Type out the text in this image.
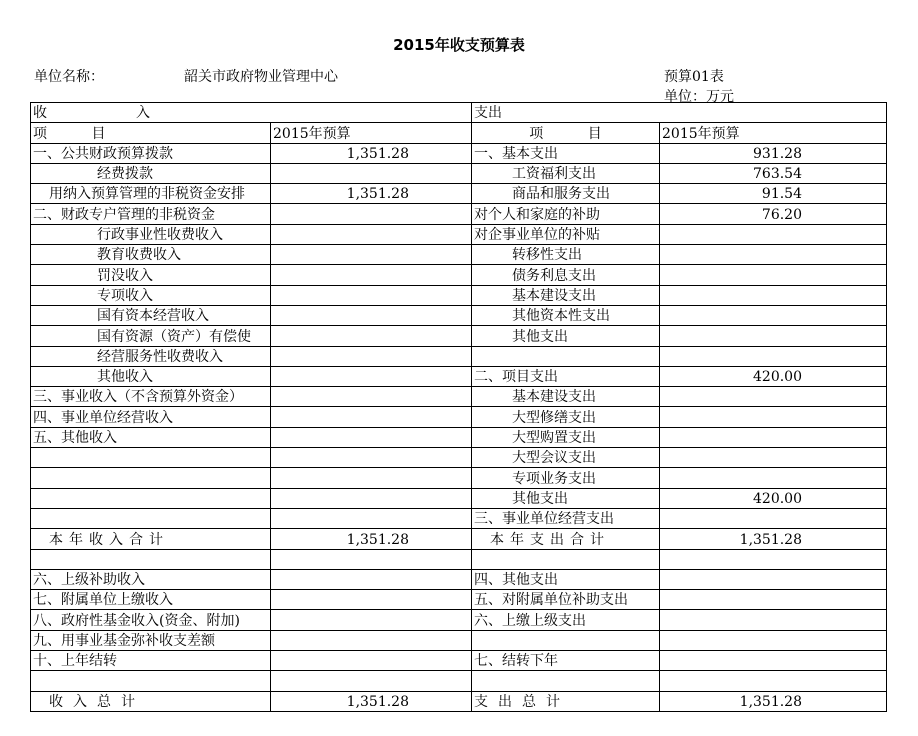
2015年收支预算表
单位名称：	韶关市政府物业管理中心	预算01表
单位：万元
收                    入		支出	
项          目	2015年预算	项          目	2015年预算
一、公共财政预算拨款	1,351.28	一、基本支出	931.28
经费拨款		工资福利支出	763.54
用纳入预算管理的非税资金安排	1,351.28	商品和服务支出	91.54
二、财政专户管理的非税资金		对个人和家庭的补助	76.20
行政事业性收费收入		对企事业单位的补贴	
教育收费收入		转移性支出	
罚没收入		债务利息支出	
专项收入		基本建设支出	
国有资本经营收入		其他资本性支出	
国有资源（资产）有偿使		其他支出	
经营服务性收费收入			
其他收入		二、项目支出	420.00
三、事业收入（不含预算外资金）		基本建设支出	
四、事业单位经营收入		大型修缮支出	
五、其他收入		大型购置支出	
		大型会议支出	
		专项业务支出	
		其他支出	420.00
		三、事业单位经营支出	
本年收入合计	1,351.28	本年支出合计	1,351.28

六、上级补助收入		四、其他支出	
七、附属单位上缴收入		五、对附属单位补助支出	
八、政府性基金收入(资金、附加)		六、上缴上级支出	
九、用事业基金弥补收支差额			
十、上年结转		七、结转下年	

收入总计	1,351.28	支出总计	1,351.28
